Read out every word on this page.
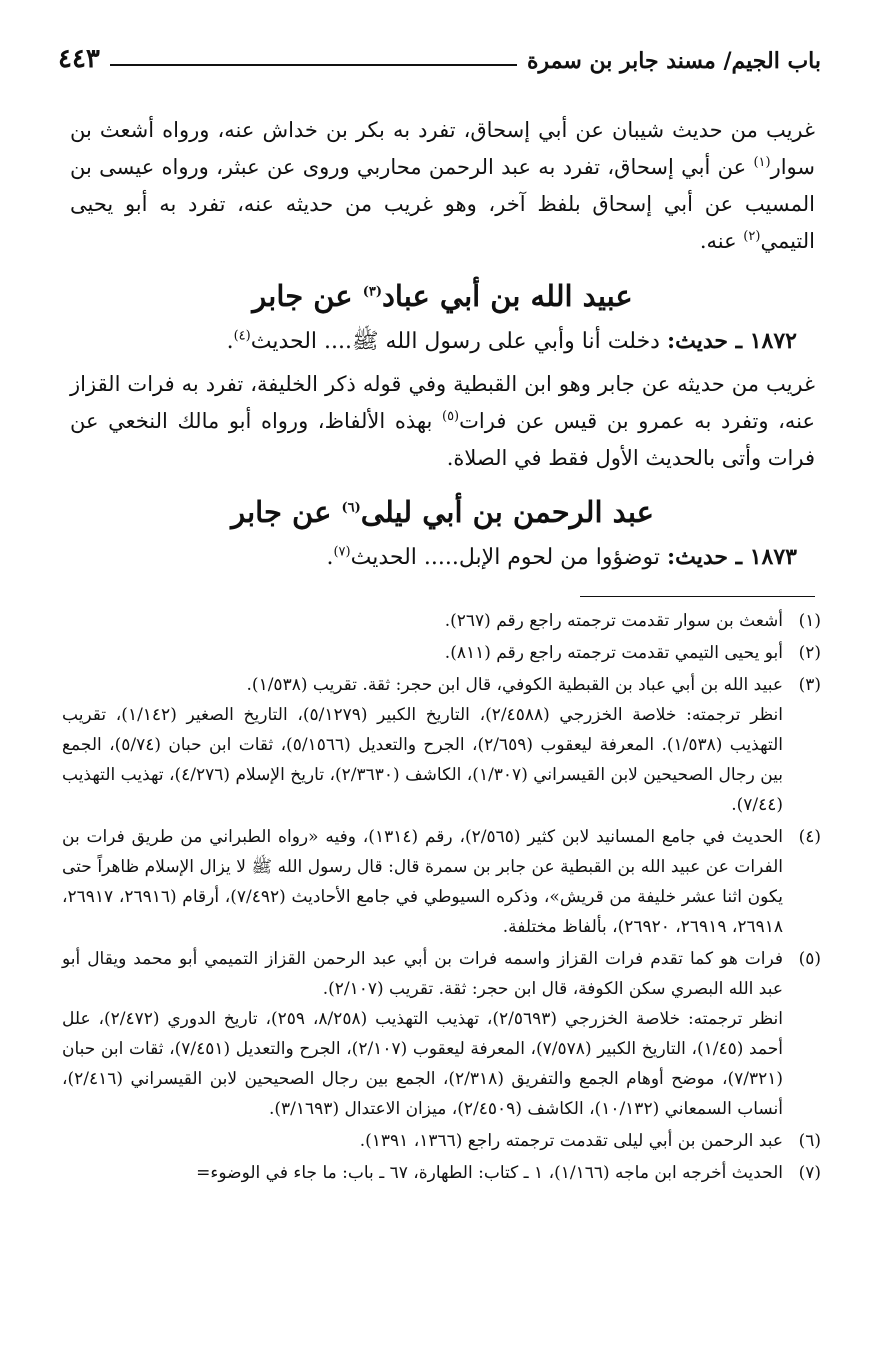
باب الجيم/ مسند جابر بن سمرة
٤٤٣

غريب من حديث شيبان عن أبي إسحاق، تفرد به بكر بن خداش عنه، ورواه أشعث بن سوار$^{(١)}$ عن أبي إسحاق، تفرد به عبد الرحمن محاربي وروى عن عبثر، ورواه عيسى بن المسيب عن أبي إسحاق بلفظ آخر، وهو غريب من حديثه عنه، تفرد به أبو يحيى التيمي$^{(٢)}$ عنه.

عبيد الله بن أبي عباد$^{(٣)}$ عن جابر

١٨٧٢ ـ حديث: دخلت أنا وأبي على رسول الله ﷺ.... الحديث$^{(٤)}$.

غريب من حديثه عن جابر وهو ابن القبطية وفي قوله ذكر الخليفة، تفرد به فرات القزاز عنه، وتفرد به عمرو بن قيس عن فرات$^{(٥)}$ بهذه الألفاظ، ورواه أبو مالك النخعي عن فرات وأتى بالحديث الأول فقط في الصلاة.

عبد الرحمن بن أبي ليلى$^{(٦)}$ عن جابر

١٨٧٣ ـ حديث: توضؤوا من لحوم الإبل..... الحديث$^{(٧)}$.

(١)
أشعث بن سوار تقدمت ترجمته راجع رقم (٢٦٧).
(٢)
أبو يحيى التيمي تقدمت ترجمته راجع رقم (٨١١).
(٣)

عبيد الله بن أبي عباد بن القبطية الكوفي، قال ابن حجر: ثقة. تقريب (١/٥٣٨).

انظر ترجمته: خلاصة الخزرجي (٢/٤٥٨٨)، التاريخ الكبير (٥/١٢٧٩)، التاريخ الصغير (١/١٤٢)، تقريب التهذيب (١/٥٣٨). المعرفة ليعقوب (٢/٦٥٩)، الجرح والتعديل (٥/١٥٦٦)، ثقات ابن حبان (٥/٧٤)، الجمع بين رجال الصحيحين لابن القيسراني (١/٣٠٧)، الكاشف (٢/٣٦٣٠)، تاريخ الإسلام (٤/٢٧٦)، تهذيب التهذيب (٧/٤٤).

(٤)
الحديث في جامع المسانيد لابن كثير (٢/٥٦٥)، رقم (١٣١٤)، وفيه «رواه الطبراني من طريق فرات بن الفرات عن عبيد الله بن القبطية عن جابر بن سمرة قال: قال رسول الله ﷺ لا يزال الإسلام ظاهراً حتى يكون اثنا عشر خليفة من قريش»، وذكره السيوطي في جامع الأحاديث (٧/٤٩٢)، أرقام (٢٦٩١٦، ٢٦٩١٧، ٢٦٩١٨، ٢٦٩١٩، ٢٦٩٢٠)، بألفاظ مختلفة.
(٥)

فرات هو كما تقدم فرات القزاز واسمه فرات بن أبي عبد الرحمن القزاز التميمي أبو محمد ويقال أبو عبد الله البصري سكن الكوفة، قال ابن حجر: ثقة. تقريب (٢/١٠٧).

انظر ترجمته: خلاصة الخزرجي (٢/٥٦٩٣)، تهذيب التهذيب (٨/٢٥٨، ٢٥٩)، تاريخ الدوري (٢/٤٧٢)، علل أحمد (١/٤٥)، التاريخ الكبير (٧/٥٧٨)، المعرفة ليعقوب (٢/١٠٧)، الجرح والتعديل (٧/٤٥١)، ثقات ابن حبان (٧/٣٢١)، موضح أوهام الجمع والتفريق (٢/٣١٨)، الجمع بين رجال الصحيحين لابن القيسراني (٢/٤١٦)، أنساب السمعاني (١٠/١٣٢)، الكاشف (٢/٤٥٠٩)، ميزان الاعتدال (٣/١٦٩٣).

(٦)
عبد الرحمن بن أبي ليلى تقدمت ترجمته راجع (١٣٦٦، ١٣٩١).
(٧)
الحديث أخرجه ابن ماجه (١/١٦٦)، ١ ـ كتاب: الطهارة، ٦٧ ـ باب: ما جاء في الوضوء=
